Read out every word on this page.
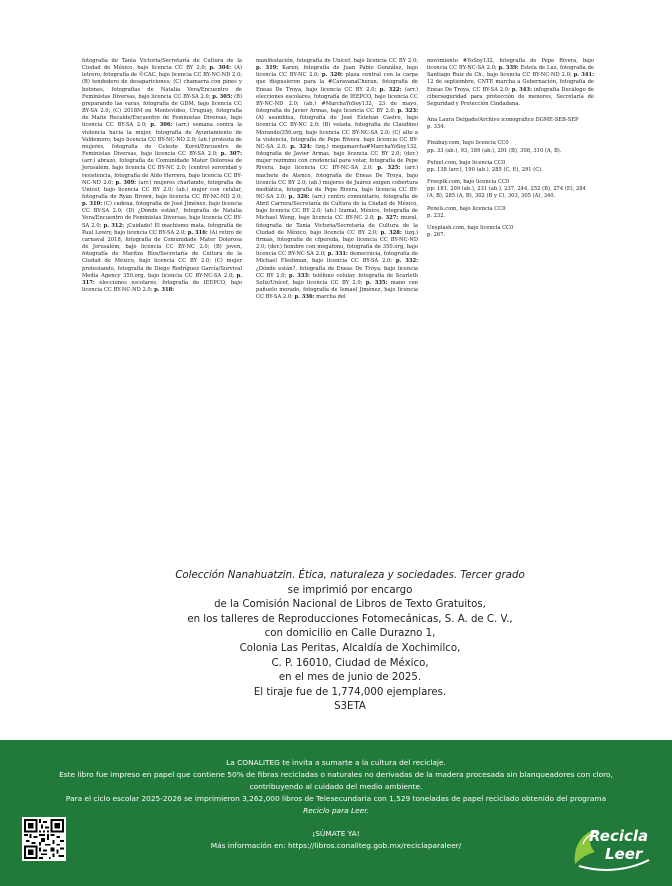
fotografía de Tania Victoria/Secretaría de Cultura de la Ciudad de México, bajo licencia CC BY 2.0; p. 304: (A) letrero, fotografía de ©CAC, bajo licencia CC BY-NC-ND 2.0; (B) tendedero de desapariciones; (C) chamarra con pines y botones, fotografías de Natalia Vera/Encuentro de Feministas Diversas, bajo licencia CC BY-SA 2.0; p. 305: (B) preparando las varas, fotografía de GDM, bajo licencia CC BY-SA 2.0; (C) 2018M en Montevideo, Uruguay, fotografía de Maite Recalde/Encuentro de Feministas Diversas, bajo licencia CC BY-SA 2.0; p. 306: (arr.) semana contra la violencia hacia la mujer, fotografía de Ayuntamiento de Valdemoro, bajo licencia CC BY-NC-ND 2.0; (ab.) protesta de mujeres, fotografía de Celeste Korol/Encuentro de Feministas Diversas, bajo licencia CC BY-SA 2.0; p. 307: (arr.) abrazo, fotografía de Comunidade Mater Dolorosa de Jerusalém, bajo licencia CC BY-NC 2.0; (centro) sororidad y resistencia, fotografía de Aldo Herrera, bajo licencia CC BY-NC-ND 2.0; p. 309: (arr.) mujeres charlando, fotografía de Unicef, bajo licencia CC BY 2.0; (ab.) mujer con celular, fotografía de Ryan Brown, bajo licencia CC BY-NC-ND 2.0; p. 310: (C) cadena, fotografía de José Jiménez, bajo licencia CC BY-SA 2.0; (D) ¿Dónde están?, fotografía de Natalia Vera/Encuentro de Feministas Diversas, bajo licencia CC BY-SA 2.0; p. 312: ¡Cuidado! El machismo mata, fotografía de Paul Lowry, bajo licencia CC BY-SA 2.0; p. 316: (A) retiro de carnaval 2018, fotografía de Comunidade Mater Dolorosa de Jerusalém, bajo licencia CC BY-NC 2.0; (B) joven, fotografía de Maritza Ríos/Secretaría de Cultura de la Ciudad de México, bajo licencia CC BY 2.0; (C) mujer protestando, fotografía de Diego Rodríguez García/Survival Media Agency 350.org, bajo licencia CC BY-NC-SA 2.0; p. 317: elecciones escolares, fotografía de IEEPCO, bajo licencia CC BY-NC-ND 2.0; p. 318:
manifestación, fotografía de Unicef, bajo licencia CC BY 2.0; p. 319: Karen, fotografía de Juan Pablo González, bajo licencia CC BY-NC 2.0; p. 320: plaza central con la carpa que dispusieron para la #CaravanaCheran, fotografía de Eneas De Troya, bajo licencia CC BY 2.0; p. 322: (arr.) elecciones escolares, fotografía de IEEPCO, bajo licencia CC BY-NC-ND 2.0; (ab.) #MarchaYoSoy132, 23 de mayo, fotografía de Javier Armas, bajo licencia CC BY 2.0; p. 323: (A) asamblea, fotografía de José Esteban Castro, bajo licencia CC BY-NC 2.0; (B) velada, fotografía de Claudinei Morando/350.org, bajo licencia CC BY-NC-SA 2.0; (C) alto a la violencia, fotografía de Pepe Rivera, bajo licencia CC BY-NC-SA 2.0; p. 324: (izq.) megamarcha#MarchaYoSoy132, fotografía de Javier Armas, bajo licencia CC BY 2.0; (der.) mujer rezimmu con credencial para votar, fotografía de Pepe Rivera, bajo licencia CC BY-NC-SA 2.0; p. 325: (arr.) machete de Atenco, fotografía de Eneas De Troya, bajo licencia CC BY 2.0; (ab.) mujeres de Juárez exigen cobertura mediática, fotografía de Pepe Rivera, bajo licencia CC BY-NC-SA 2.0; p. 326: (arr.) centro comunitario, fotografía de Abril Carrera/Secretaría de Cultura de la Ciudad de México, bajo licencia CC BY 2.0; (ab.) Izamal, México, fotografía de Michael Wong, bajo licencia CC BY-NC 2.0; p. 327: mural, fotografía de Tania Victoria/Secretaría de Cultura de la Ciudad de México, bajo licencia CC BY 2.0; p. 328: (izq.) firmas, fotografía de cfpereda, bajo licencia CC BY-NC-ND 2.0; (der.) hombre con megáfono, fotografía de 350.org, bajo licencia CC BY-NC-SA 2.0; p. 331: democracia, fotografía de Michael Fleshman, bajo licencia CC BY-SA 2.0; p. 332: ¿Dónde están?, fotografía de Eneas De Troya, bajo licencia CC BY 2.0; p. 333: teléfono celular, fotografía de Scarleth Soliz/Unicef, bajo licencia CC BY 2.0; p. 335: mano con pañuelo morado, fotografía de Ismael Jiménez, bajo licencia CC BY-SA 2.0; p. 336: marcha del

movimiento #YoSoy132, fotografía de Pepe Rivera, bajo licencia CC BY-NC-SA 2.0; p. 339: Estela de Luz, fotografía de Santiago Ruiz de Ch., bajo licencia CC BY-NC-ND 2.0; p. 341: 12 de septiembre, CNTE marcha a Gobernación, fotografía de Eneas De Troya, CC BY-SA 2.0; p. 343: infografía Decálogo de ciberseguridad para protección de menores, Secretaría de Seguridad y Protección Ciudadana.

Ana Laura Delgado/Archivo iconográfico DGME-SEB-SEP
p. 334.

Pixabay.com, bajo licencia CC0
pp. 33 (ab.), 93, 189 (ab.), 291 (B), 308, 310 (A, B).

Pxfuel.com, bajo licencia CC0
pp. 138 (arr.), 190 (ab.), 285 (C, E), 291 (C).

Freepik.com, bajo licencia CC0
pp: 181, 209 (ab.), 231 (ab.), 237, 244, 252 (B), 274 (E), 284 (A, B), 285 (A, B), 302 (B y C), 303, 305 (A), 340.

Pexels.com, bajo licencia CC0
p. 232.

Unsplash.com, bajo licencia CC0
p. 267.

Colección Nanahuatzin. Ética, naturaleza y sociedades. Tercer grado
se imprimió por encargo
de la Comisión Nacional de Libros de Texto Gratuitos,
en los talleres de Reproducciones Fotomecánicas, S. A. de C. V.,
con domicilio en Calle Durazno 1,
Colonia Las Peritas, Alcaldía de Xochimilco,
C. P. 16010, Ciudad de México,
en el mes de junio de 2025.
El tiraje fue de 1,774,000 ejemplares.
S3ETA
La CONALITEG te invita a sumarte a la cultura del reciclaje.
Este libro fue impreso en papel que contiene 50% de fibras recicladas o naturales no derivadas de la madera procesada sin blanqueadores con cloro,
contribuyendo al cuidado del medio ambiente.
Para el ciclo escolar 2025-2026 se imprimieron 3,262,000 libros de Telesecundaria con 1,529 toneladas de papel reciclado obtenido del programa
Reciclo para Leer.
¡SÚMATE YA!
Más información en: https://libros.conaliteg.gob.mx/reciclaparaleer/
Recicla
Leer
